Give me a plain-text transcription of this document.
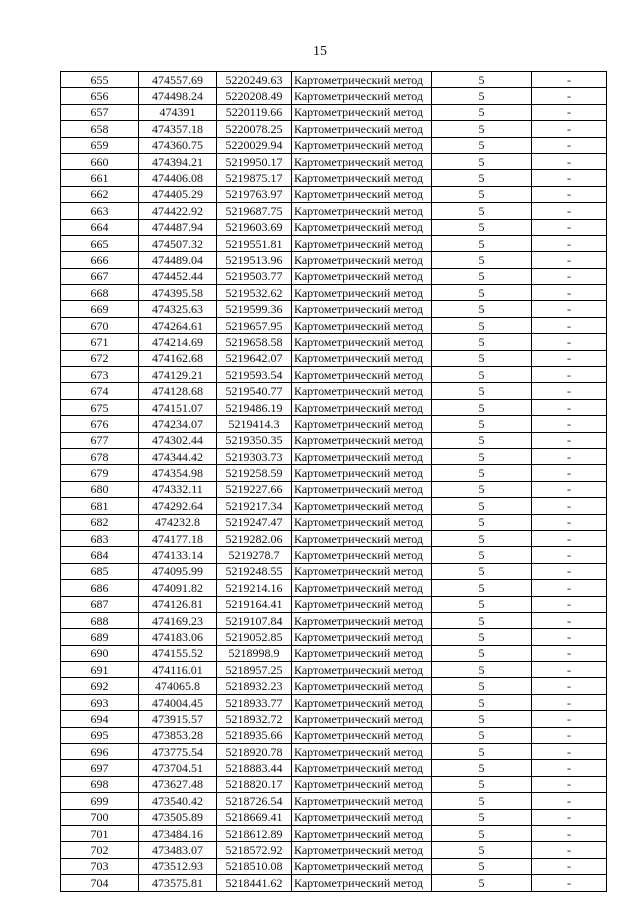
15
655	474557.69	5220249.63	Картометрический метод	5	-
656	474498.24	5220208.49	Картометрический метод	5	-
657	474391	5220119.66	Картометрический метод	5	-
658	474357.18	5220078.25	Картометрический метод	5	-
659	474360.75	5220029.94	Картометрический метод	5	-
660	474394.21	5219950.17	Картометрический метод	5	-
661	474406.08	5219875.17	Картометрический метод	5	-
662	474405.29	5219763.97	Картометрический метод	5	-
663	474422.92	5219687.75	Картометрический метод	5	-
664	474487.94	5219603.69	Картометрический метод	5	-
665	474507.32	5219551.81	Картометрический метод	5	-
666	474489.04	5219513.96	Картометрический метод	5	-
667	474452.44	5219503.77	Картометрический метод	5	-
668	474395.58	5219532.62	Картометрический метод	5	-
669	474325.63	5219599.36	Картометрический метод	5	-
670	474264.61	5219657.95	Картометрический метод	5	-
671	474214.69	5219658.58	Картометрический метод	5	-
672	474162.68	5219642.07	Картометрический метод	5	-
673	474129.21	5219593.54	Картометрический метод	5	-
674	474128.68	5219540.77	Картометрический метод	5	-
675	474151.07	5219486.19	Картометрический метод	5	-
676	474234.07	5219414.3	Картометрический метод	5	-
677	474302.44	5219350.35	Картометрический метод	5	-
678	474344.42	5219303.73	Картометрический метод	5	-
679	474354.98	5219258.59	Картометрический метод	5	-
680	474332.11	5219227.66	Картометрический метод	5	-
681	474292.64	5219217.34	Картометрический метод	5	-
682	474232.8	5219247.47	Картометрический метод	5	-
683	474177.18	5219282.06	Картометрический метод	5	-
684	474133.14	5219278.7	Картометрический метод	5	-
685	474095.99	5219248.55	Картометрический метод	5	-
686	474091.82	5219214.16	Картометрический метод	5	-
687	474126.81	5219164.41	Картометрический метод	5	-
688	474169.23	5219107.84	Картометрический метод	5	-
689	474183.06	5219052.85	Картометрический метод	5	-
690	474155.52	5218998.9	Картометрический метод	5	-
691	474116.01	5218957.25	Картометрический метод	5	-
692	474065.8	5218932.23	Картометрический метод	5	-
693	474004.45	5218933.77	Картометрический метод	5	-
694	473915.57	5218932.72	Картометрический метод	5	-
695	473853.28	5218935.66	Картометрический метод	5	-
696	473775.54	5218920.78	Картометрический метод	5	-
697	473704.51	5218883.44	Картометрический метод	5	-
698	473627.48	5218820.17	Картометрический метод	5	-
699	473540.42	5218726.54	Картометрический метод	5	-
700	473505.89	5218669.41	Картометрический метод	5	-
701	473484.16	5218612.89	Картометрический метод	5	-
702	473483.07	5218572.92	Картометрический метод	5	-
703	473512.93	5218510.08	Картометрический метод	5	-
704	473575.81	5218441.62	Картометрический метод	5	-
